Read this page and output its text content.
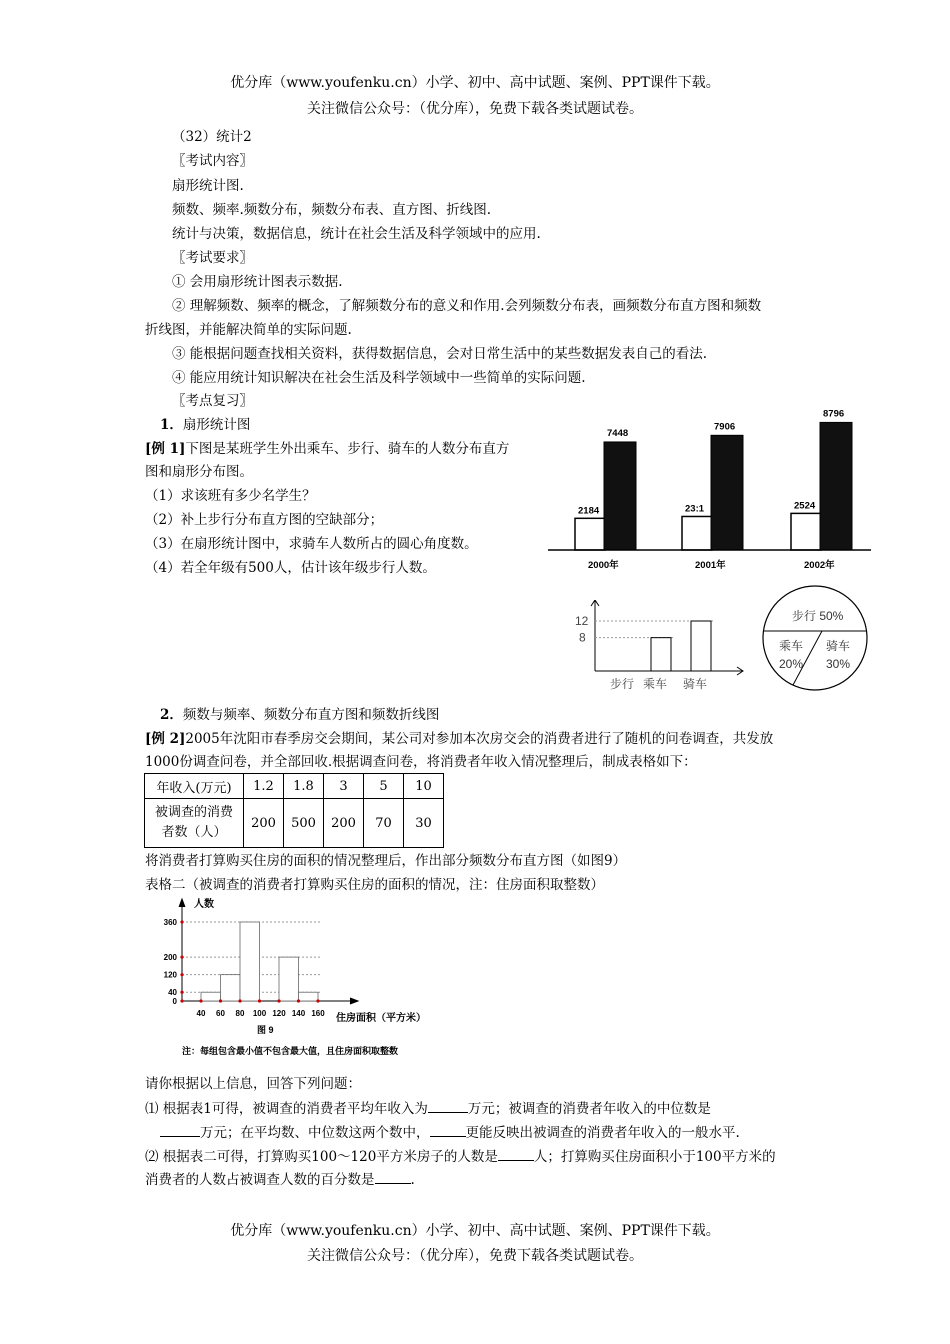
优分库（www.youfenku.cn）小学、初中、高中试题、案例、PPT课件下载。
关注微信公众号：（优分库），免费下载各类试题试卷。
（32）统计2
〖考试内容〗
扇形统计图.
频数、频率.频数分布，频数分布表、直方图、折线图.
统计与决策，数据信息，统计在社会生活及科学领域中的应用.
〖考试要求〗
① 会用扇形统计图表示数据.
② 理解频数、频率的概念，了解频数分布的意义和作用.会列频数分布表，画频数分布直方图和频数
折线图，并能解决简单的实际问题.
③ 能根据问题查找相关资料，获得数据信息，会对日常生活中的某些数据发表自己的看法.
④ 能应用统计知识解决在社会生活及科学领域中一些简单的实际问题.
〖考点复习〗
1．扇形统计图
[例 1]下图是某班学生外出乘车、步行、骑车的人数分布直方
图和扇形分布图。
（1）求该班有多少名学生？
（2）补上步行分布直方图的空缺部分；
（3）在扇形统计图中，求骑车人数所占的圆心角度数。
（4）若全年级有500人，估计该年级步行人数。
2184
7448
2000年
23:1
7906
2001年
2524
8796
2002年
12
8
步行 乘车 骑车
步行 50%
乘车
20%
骑车
30%
2．频数与频率、频数分布直方图和频数折线图
[例 2]2005年沈阳市春季房交会期间，某公司对参加本次房交会的消费者进行了随机的问卷调查，共发放
1000份调查问卷，并全部回收.根据调查问卷，将消费者年收入情况整理后，制成表格如下：
年收入(万元)	1.2	1.8	3	5	10

被调查的消费
者数（人）	200	500	200	70	30
将消费者打算购买住房的面积的情况整理后，作出部分频数分布直方图（如图9）
表格二（被调查的消费者打算购买住房的面积的情况，注：住房面积取整数）
人数
0
40
120
200
360
40 60 80 100 120 140 160 住房面积（平方米）
图 9
注：每组包含最小值不包含最大值，且住房面积取整数
请你根据以上信息，回答下列问题：
⑴ 根据表1可得，被调查的消费者平均年收入为	万元；被调查的消费者年收入的中位数是
万元；在平均数、中位数这两个数中，	更能反映出被调查的消费者年收入的一般水平.
⑵ 根据表二可得，打算购买100～120平方米房子的人数是	人；打算购买住房面积小于100平方米的
消费者的人数占被调查人数的百分数是	.
优分库（www.youfenku.cn）小学、初中、高中试题、案例、PPT课件下载。
关注微信公众号：（优分库），免费下载各类试题试卷。
